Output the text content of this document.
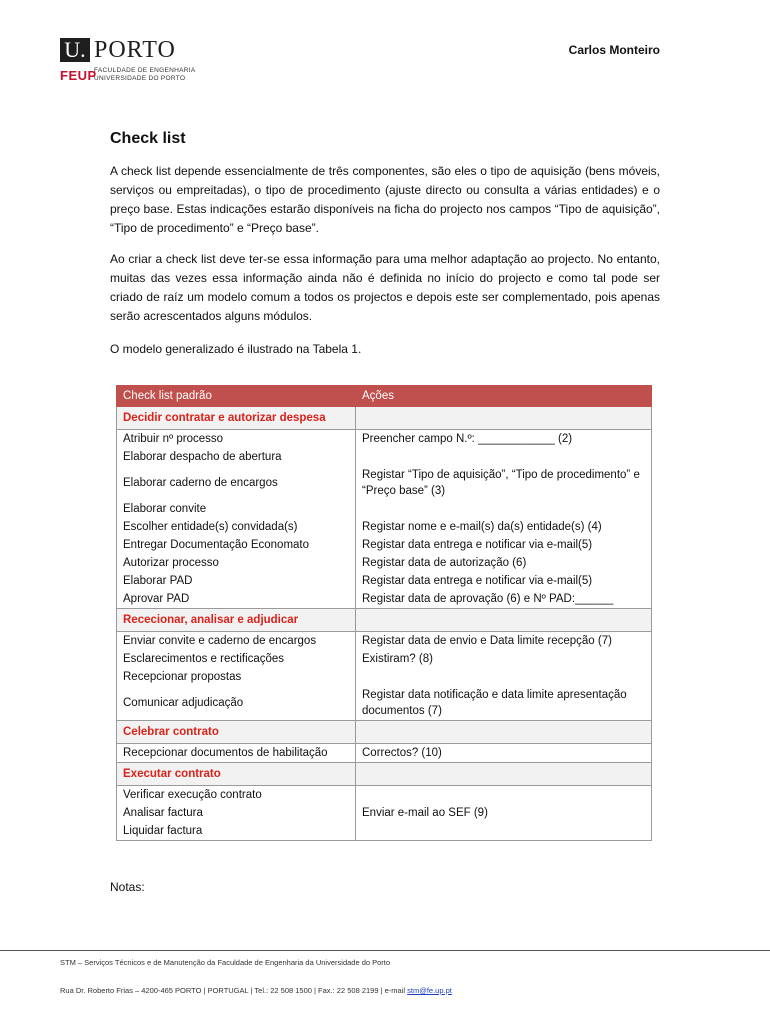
U. PORTO
FEUP
FACULDADE DE ENGENHARIA
UNIVERSIDADE DO PORTO
Carlos Monteiro
Check list

A check list depende essencialmente de três componentes, são eles o tipo de aquisição (bens móveis, serviços ou empreitadas), o tipo de procedimento (ajuste directo ou consulta a várias entidades) e o preço base. Estas indicações estarão disponíveis na ficha do projecto nos campos “Tipo de aquisição”, “Tipo de procedimento” e “Preço base”.

Ao criar a check list deve ter-se essa informação para uma melhor adaptação ao projecto. No entanto, muitas das vezes essa informação ainda não é definida no início do projecto e como tal pode ser criado de raíz um modelo comum a todos os projectos e depois este ser complementado, pois apenas serão acrescentados alguns módulos.

O modelo generalizado é ilustrado na Tabela 1.

Check list padrão	Ações
Decidir contratar e autorizar despesa	
Atribuir nº processo	Preencher campo N.º: ____________ (2)
Elaborar despacho de abertura	
Elaborar caderno de encargos	Registar “Tipo de aquisição”, “Tipo de procedimento” e “Preço base” (3)
Elaborar convite	
Escolher entidade(s) convidada(s)	Registar nome e e-mail(s) da(s) entidade(s) (4)
Entregar Documentação Economato	Registar data entrega e notificar via e-mail(5)
Autorizar processo	Registar data de autorização (6)
Elaborar PAD	Registar data entrega e notificar via e-mail(5)
Aprovar PAD	Registar data de aprovação (6) e Nº PAD:______
Rececionar, analisar e adjudicar	
Enviar convite e caderno de encargos	Registar data de envio e Data limite recepção (7)
Esclarecimentos e rectificações	Existiram? (8)
Recepcionar propostas	
Comunicar adjudicação	Registar data notificação e data limite apresentação documentos (7)
Celebrar contrato	
Recepcionar documentos de habilitação	Correctos? (10)
Executar contrato	
Verificar execução contrato	
Analisar factura	Enviar e-mail ao SEF (9)
Liquidar factura	
Notas:
STM – Serviços Técnicos e de Manutenção da Faculdade de Engenharia da Universidade do Porto
Rua Dr. Roberto Frias – 4200-465 PORTO | PORTUGAL | Tel.: 22 508 1500 | Fax.: 22 508 2199 | e-mail stm@fe.up.pt
